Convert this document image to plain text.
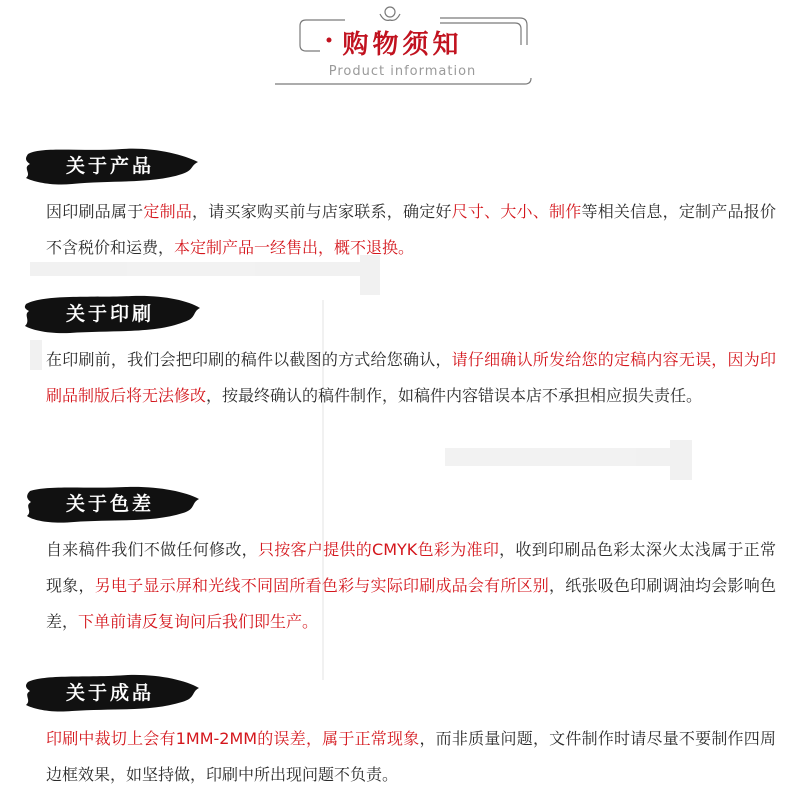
购物须知
Product information
关于产品
因印刷品属于定制品，请买家购买前与店家联系，确定好尺寸、大小、制作等相关信息，定制产品报价不含税价和运费，本定制产品一经售出，概不退换。
关于印刷
在印刷前，我们会把印刷的稿件以截图的方式给您确认，请仔细确认所发给您的定稿内容无误，因为印刷品制版后将无法修改，按最终确认的稿件制作，如稿件内容错误本店不承担相应损失责任。
关于色差
自来稿件我们不做任何修改，只按客户提供的CMYK色彩为准印，收到印刷品色彩太深火太浅属于正常现象，另电子显示屏和光线不同固所看色彩与实际印刷成品会有所区别，纸张吸色印刷调油均会影响色差，下单前请反复询问后我们即生产。
关于成品
印刷中裁切上会有1MM-2MM的误差，属于正常现象，而非质量问题，文件制作时请尽量不要制作四周边框效果，如坚持做，印刷中所出现问题不负责。
